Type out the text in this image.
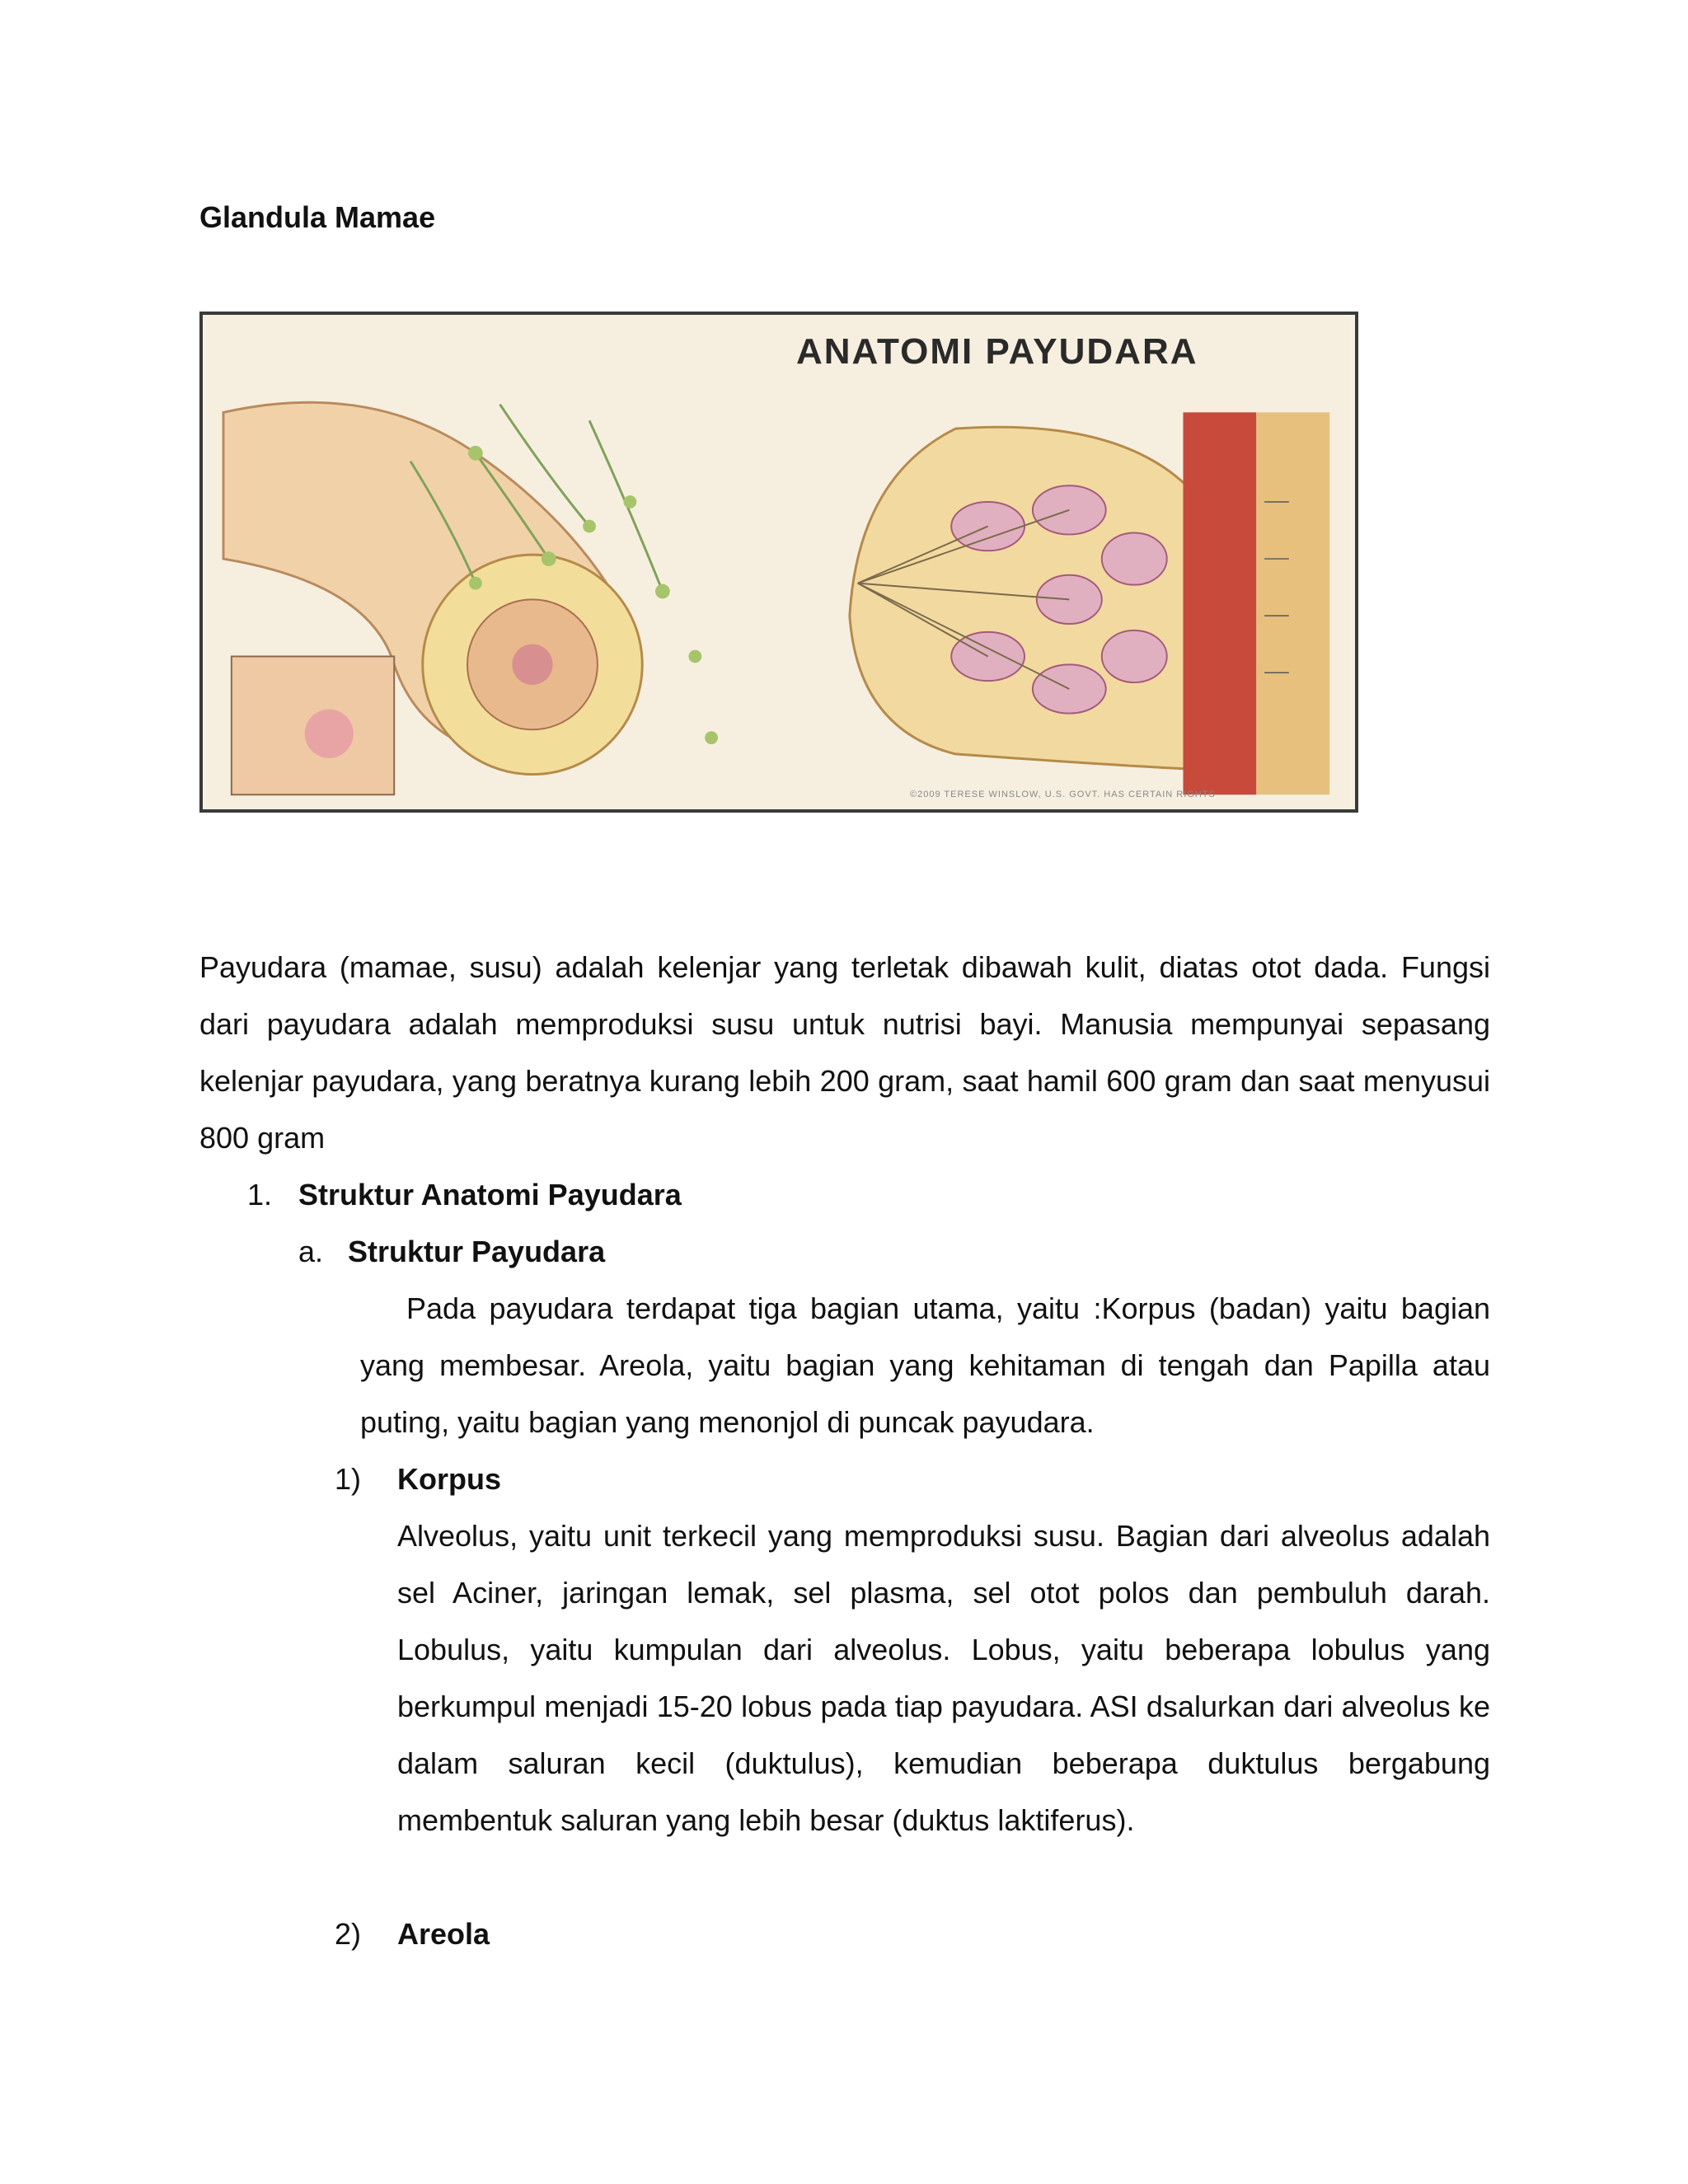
Glandula Mamae
ANATOMI PAYUDARA
©2009 TERESE WINSLOW, U.S. GOVT. HAS CERTAIN RIGHTS
Payudara (mamae, susu) adalah kelenjar yang terletak dibawah kulit, diatas otot dada. Fungsi dari payudara adalah memproduksi susu untuk nutrisi bayi. Manusia mempunyai sepasang kelenjar payudara, yang beratnya kurang lebih 200 gram, saat hamil 600 gram dan saat menyusui 800 gram
1. Struktur Anatomi Payudara
a. Struktur Payudara
Pada payudara terdapat tiga bagian utama, yaitu :Korpus (badan) yaitu bagian yang membesar. Areola, yaitu bagian yang kehitaman di tengah dan Papilla atau puting, yaitu bagian yang menonjol di puncak payudara.
1) Korpus
Alveolus, yaitu unit terkecil yang memproduksi susu. Bagian dari alveolus adalah sel Aciner, jaringan lemak, sel plasma, sel otot polos dan pembuluh darah. Lobulus, yaitu kumpulan dari alveolus. Lobus, yaitu beberapa lobulus yang berkumpul menjadi 15-20 lobus pada tiap payudara. ASI dsalurkan dari alveolus ke dalam saluran kecil (duktulus), kemudian beberapa duktulus bergabung membentuk saluran yang lebih besar (duktus laktiferus).
2) Areola
